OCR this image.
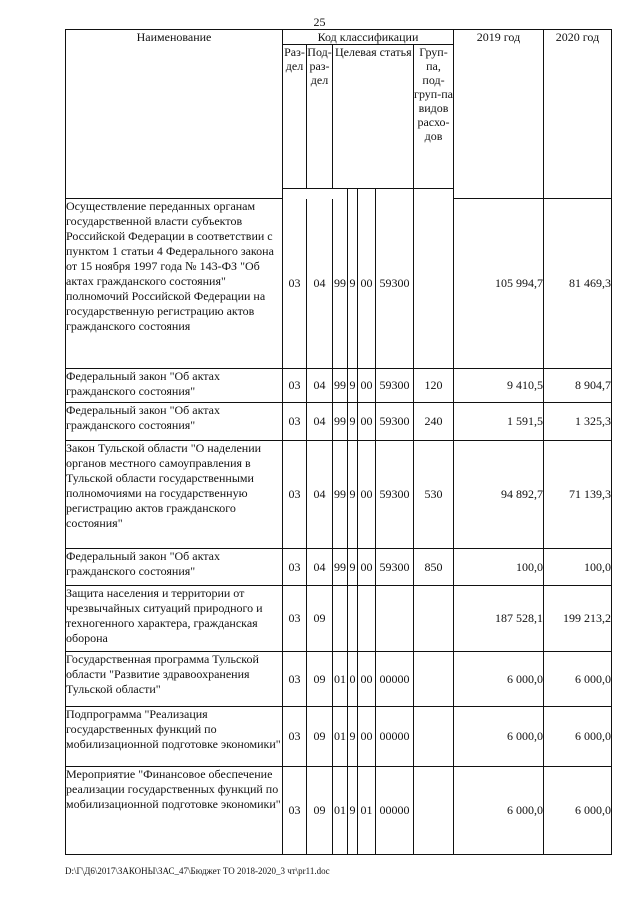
25
Наименование	Код классификации							2019 год	2020 год
	Раз-дел	Под-раз-дел	Целевая статья				Груп-па, под-груп-па видов расхо-дов		

Осуществление переданных органам государственной власти субъектов Российской Федерации в соответствии с пунктом 1 статьи 4 Федерального закона от 15 ноября 1997 года № 143-ФЗ "Об актах гражданского состояния" полномочий Российской Федерации на государственную регистрацию актов гражданского состояния	03	04	99	9	00	59300		105 994,7	81 469,3
Федеральный закон "Об актах гражданского состояния"	03	04	99	9	00	59300	120	9 410,5	8 904,7
Федеральный закон "Об актах гражданского состояния"	03	04	99	9	00	59300	240	1 591,5	1 325,3
Закон Тульской области "О наделении органов местного самоуправления в Тульской области государственными полномочиями на государственную регистрацию актов гражданского состояния"	03	04	99	9	00	59300	530	94 892,7	71 139,3
Федеральный закон "Об актах гражданского состояния"	03	04	99	9	00	59300	850	100,0	100,0
Защита населения и территории от чрезвычайных ситуаций природного и техногенного характера, гражданская оборона	03	09						187 528,1	199 213,2
Государственная программа Тульской области "Развитие здравоохранения Тульской области"	03	09	01	0	00	00000		6 000,0	6 000,0
Подпрограмма "Реализация государственных функций по мобилизационной подготовке экономики"	03	09	01	9	00	00000		6 000,0	6 000,0
Мероприятие "Финансовое обеспечение реализации государственных функций по мобилизационной подготовке экономики"	03	09	01	9	01	00000		6 000,0	6 000,0
D:\Г\Д6\2017\ЗАКОНЫ\ЗАС_47\Бюджет ТО 2018-2020_3 чт\pr11.doc
